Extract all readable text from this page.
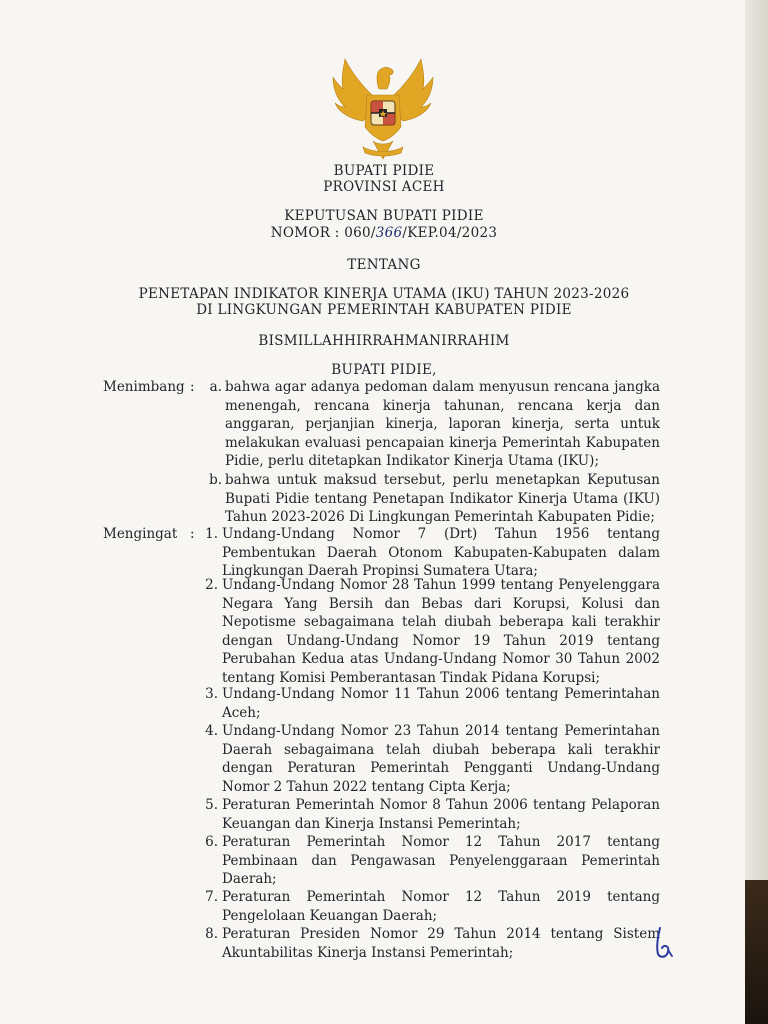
BUPATI PIDIE
PROVINSI ACEH
KEPUTUSAN BUPATI PIDIE
NOMOR : 060/366/KEP.04/2023
TENTANG
PENETAPAN INDIKATOR KINERJA UTAMA (IKU) TAHUN 2023-2026
DI LINGKUNGAN PEMERINTAH KABUPATEN PIDIE
BISMILLAHHIRRAHMANIRRAHIM
BUPATI PIDIE,
Menimbang :	a. bahwa agar adanya pedoman dalam menyusun rencana jangka
menengah, rencana kinerja tahunan, rencana kerja dan
anggaran, perjanjian kinerja, laporan kinerja, serta untuk
melakukan evaluasi pencapaian kinerja Pemerintah Kabupaten
Pidie, perlu ditetapkan Indikator Kinerja Utama (IKU);
b. bahwa untuk maksud tersebut, perlu menetapkan Keputusan
Bupati Pidie tentang Penetapan Indikator Kinerja Utama (IKU)
Tahun 2023-2026 Di Lingkungan Pemerintah Kabupaten Pidie;
Mengingat : 1. Undang-Undang Nomor 7 (Drt) Tahun 1956 tentang
Pembentukan Daerah Otonom Kabupaten-Kabupaten dalam
Lingkungan Daerah Propinsi Sumatera Utara;
2. Undang-Undang Nomor 28 Tahun 1999 tentang Penyelenggara
Negara Yang Bersih dan Bebas dari Korupsi, Kolusi dan
Nepotisme sebagaimana telah diubah beberapa kali terakhir
dengan Undang-Undang Nomor 19 Tahun 2019 tentang
Perubahan Kedua atas Undang-Undang Nomor 30 Tahun 2002
tentang Komisi Pemberantasan Tindak Pidana Korupsi;
3. Undang-Undang Nomor 11 Tahun 2006 tentang Pemerintahan
Aceh;
4. Undang-Undang Nomor 23 Tahun 2014 tentang Pemerintahan
Daerah sebagaimana telah diubah beberapa kali terakhir
dengan Peraturan Pemerintah Pengganti Undang-Undang
Nomor 2 Tahun 2022 tentang Cipta Kerja;
5. Peraturan Pemerintah Nomor 8 Tahun 2006 tentang Pelaporan
Keuangan dan Kinerja Instansi Pemerintah;
6. Peraturan Pemerintah Nomor 12 Tahun 2017 tentang
Pembinaan dan Pengawasan Penyelenggaraan Pemerintah
Daerah;
7. Peraturan Pemerintah Nomor 12 Tahun 2019 tentang
Pengelolaan Keuangan Daerah;
8. Peraturan Presiden Nomor 29 Tahun 2014 tentang Sistem
Akuntabilitas Kinerja Instansi Pemerintah;
